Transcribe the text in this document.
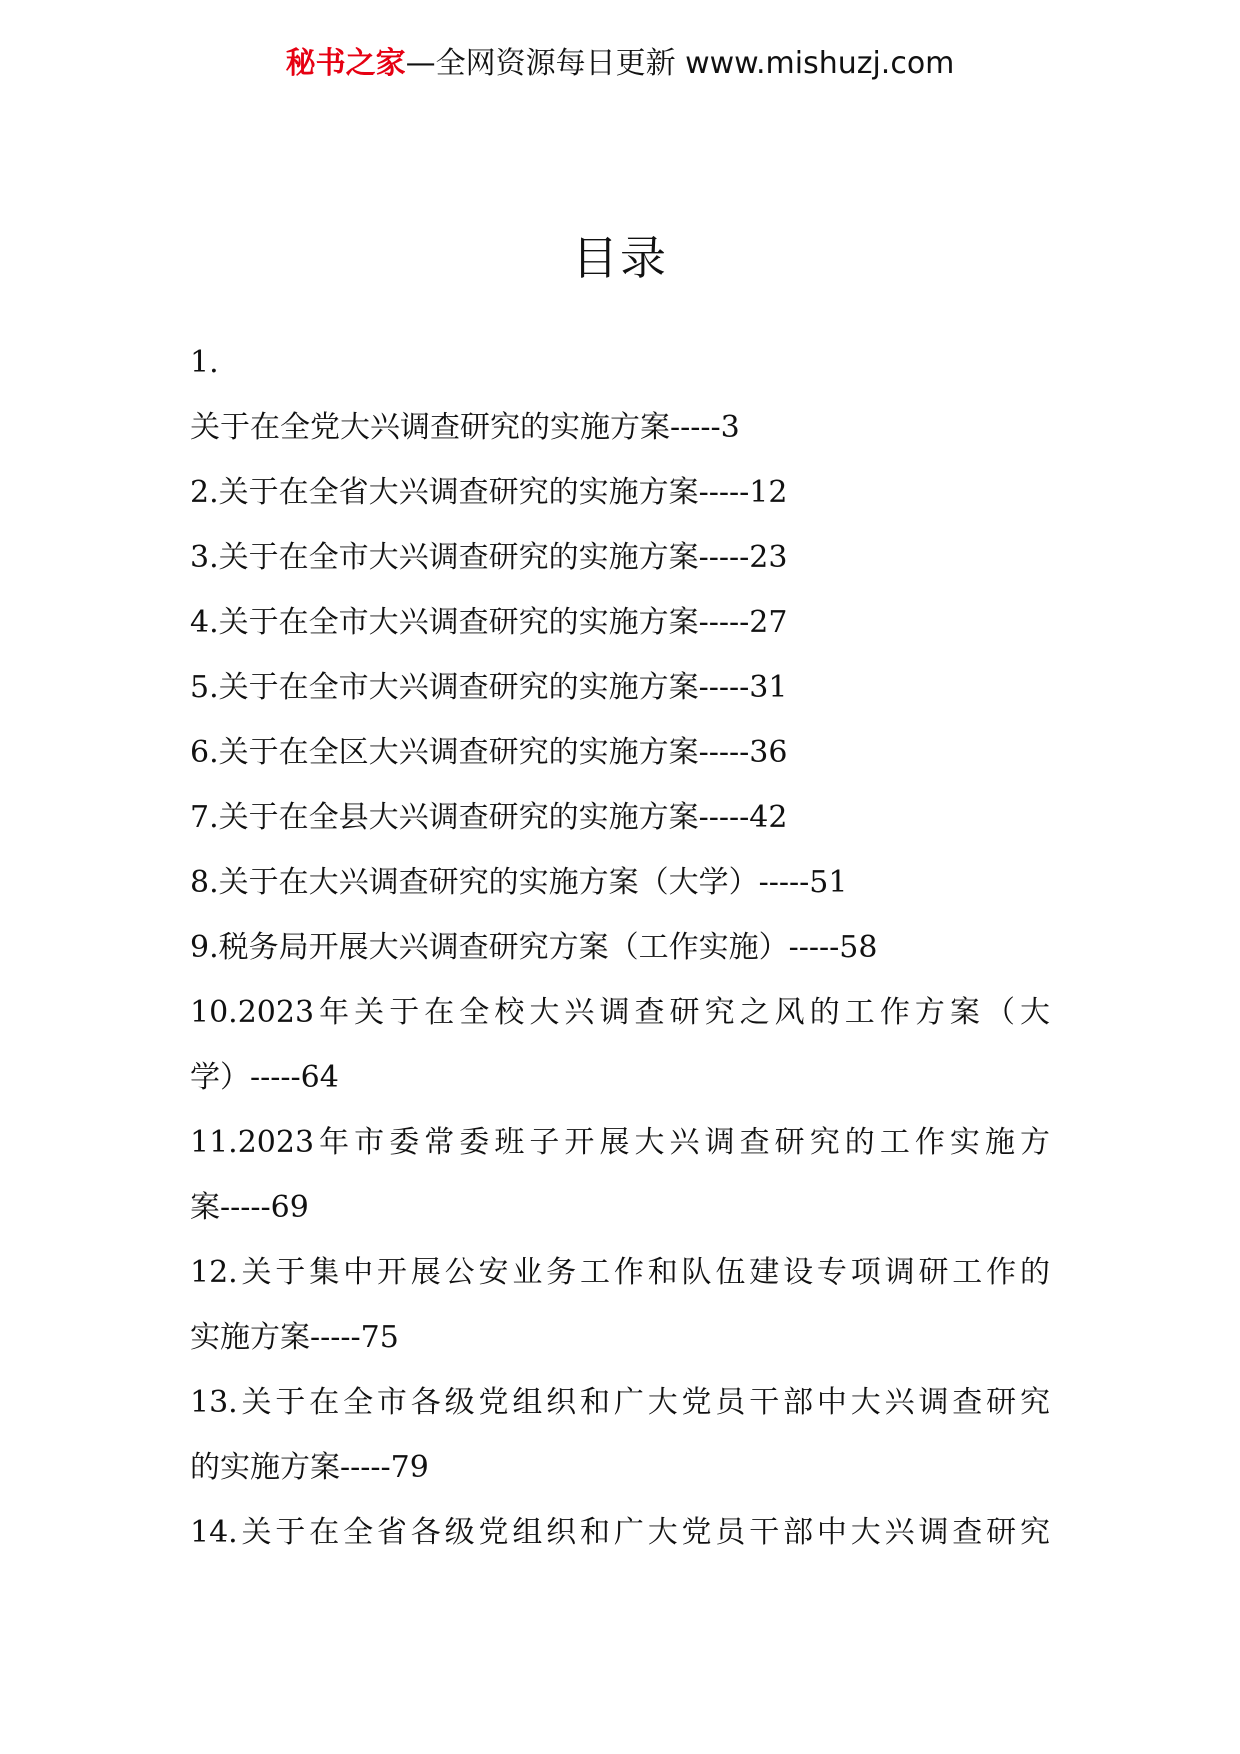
秘书之家—全网资源每日更新 www.mishuzj.com
目录
1.
关于在全党大兴调查研究的实施方案-----3
2.关于在全省大兴调查研究的实施方案-----12
3.关于在全市大兴调查研究的实施方案-----23
4.关于在全市大兴调查研究的实施方案-----27
5.关于在全市大兴调查研究的实施方案-----31
6.关于在全区大兴调查研究的实施方案-----36
7.关于在全县大兴调查研究的实施方案-----42
8.关于在大兴调查研究的实施方案（大学）-----51
9.税务局开展大兴调查研究方案（工作实施）-----58
10.2023年关于在全校大兴调查研究之风的工作方案（大
学）-----64
11.2023年市委常委班子开展大兴调查研究的工作实施方
案-----69
12.关于集中开展公安业务工作和队伍建设专项调研工作的
实施方案-----75
13.关于在全市各级党组织和广大党员干部中大兴调查研究
的实施方案-----79
14.关于在全省各级党组织和广大党员干部中大兴调查研究
